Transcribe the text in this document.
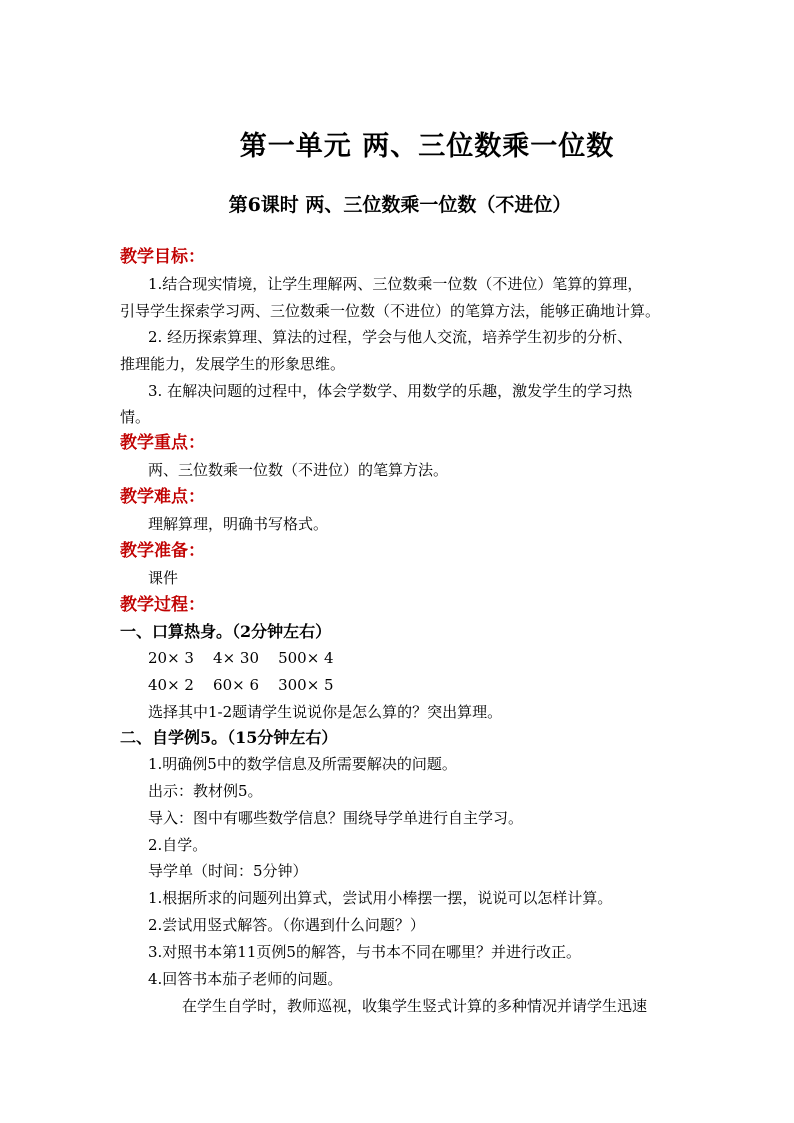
第一单元 两、三位数乘一位数
第6课时 两、三位数乘一位数（不进位）
教学目标：
1.结合现实情境，让学生理解两、三位数乘一位数（不进位）笔算的算理，
引导学生探索学习两、三位数乘一位数（不进位）的笔算方法，能够正确地计算。
2. 经历探索算理、算法的过程，学会与他人交流，培养学生初步的分析、
推理能力，发展学生的形象思维。
3. 在解决问题的过程中，体会学数学、用数学的乐趣，激发学生的学习热
情。
教学重点：
两、三位数乘一位数（不进位）的笔算方法。
教学难点：
理解算理，明确书写格式。
教学准备：
课件
教学过程：
一、口算热身。（2分钟左右）
20× 3    4× 30    500× 4
40× 2    60× 6    300× 5
选择其中1-2题请学生说说你是怎么算的？突出算理。
二、自学例5。（15分钟左右）
1.明确例5中的数学信息及所需要解决的问题。
出示：教材例5。
导入：图中有哪些数学信息？围绕导学单进行自主学习。
2.自学。
导学单（时间：5分钟）
1.根据所求的问题列出算式，尝试用小棒摆一摆，说说可以怎样计算。
2.尝试用竖式解答。（你遇到什么问题？）
3.对照书本第11页例5的解答，与书本不同在哪里？并进行改正。
4.回答书本茄子老师的问题。
在学生自学时，教师巡视，收集学生竖式计算的多种情况并请学生迅速
